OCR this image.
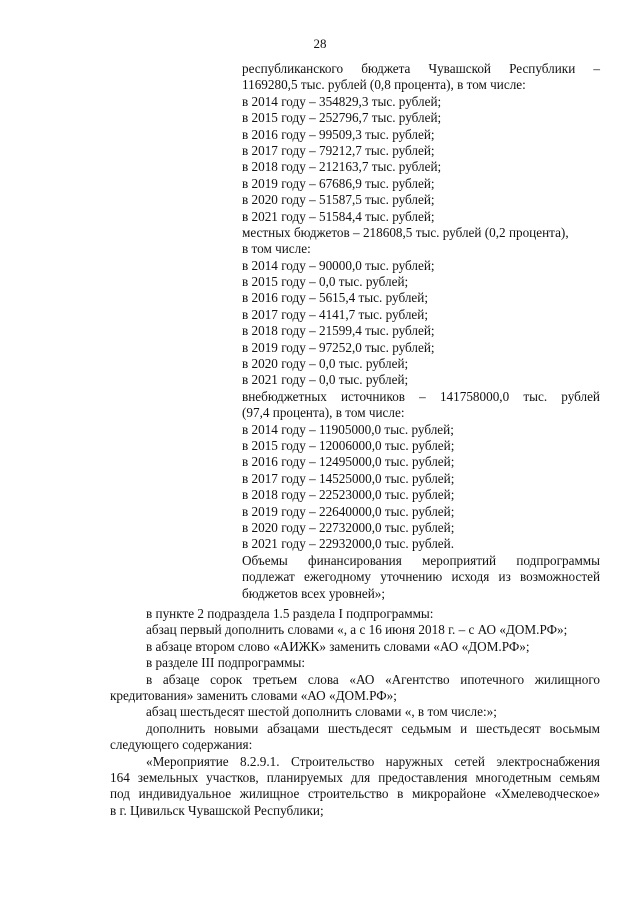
28
республиканского бюджета Чувашской Республики –
1169280,5 тыс. рублей (0,8 процента), в том числе:
в 2014 году – 354829,3 тыс. рублей;
в 2015 году – 252796,7 тыс. рублей;
в 2016 году – 99509,3 тыс. рублей;
в 2017 году – 79212,7 тыс. рублей;
в 2018 году – 212163,7 тыс. рублей;
в 2019 году – 67686,9 тыс. рублей;
в 2020 году – 51587,5 тыс. рублей;
в 2021 году – 51584,4 тыс. рублей;
местных бюджетов – 218608,5 тыс. рублей (0,2 процента),
в том числе:
в 2014 году – 90000,0 тыс. рублей;
в 2015 году – 0,0 тыс. рублей;
в 2016 году – 5615,4 тыс. рублей;
в 2017 году – 4141,7 тыс. рублей;
в 2018 году – 21599,4 тыс. рублей;
в 2019 году – 97252,0 тыс. рублей;
в 2020 году – 0,0 тыс. рублей;
в 2021 году – 0,0 тыс. рублей;
внебюджетных источников – 141758000,0 тыс. рублей
(97,4 процента), в том числе:
в 2014 году – 11905000,0 тыс. рублей;
в 2015 году – 12006000,0 тыс. рублей;
в 2016 году – 12495000,0 тыс. рублей;
в 2017 году – 14525000,0 тыс. рублей;
в 2018 году – 22523000,0 тыс. рублей;
в 2019 году – 22640000,0 тыс. рублей;
в 2020 году – 22732000,0 тыс. рублей;
в 2021 году – 22932000,0 тыс. рублей.
Объемы финансирования мероприятий подпрограммы
подлежат ежегодному уточнению исходя из возможностей
бюджетов всех уровней»;
в пункте 2 подраздела 1.5 раздела I подпрограммы:
абзац первый дополнить словами «, а с 16 июня 2018 г. – с АО «ДОМ.РФ»;
в абзаце втором слово «АИЖК» заменить словами «АО «ДОМ.РФ»;
в разделе III подпрограммы:
в абзаце сорок третьем слова «АО «Агентство ипотечного жилищного
кредитования» заменить словами «АО «ДОМ.РФ»;
абзац шестьдесят шестой дополнить словами «, в том числе:»;
дополнить новыми абзацами шестьдесят седьмым и шестьдесят восьмым
следующего содержания:
«Мероприятие 8.2.9.1. Строительство наружных сетей электроснабжения
164 земельных участков, планируемых для предоставления многодетным семьям
под индивидуальное жилищное строительство в микрорайоне «Хмелеводческое»
в г. Цивильск Чувашской Республики;
